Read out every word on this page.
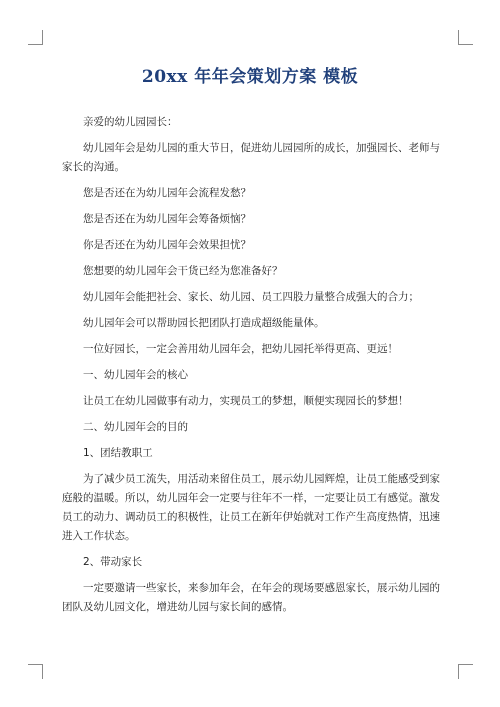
20xx 年年会策划方案 模板

亲爱的幼儿园园长：

幼儿园年会是幼儿园的重大节日，促进幼儿园园所的成长，加强园长、老师与家长的沟通。

您是否还在为幼儿园年会流程发愁？

您是否还在为幼儿园年会筹备烦恼？

你是否还在为幼儿园年会效果担忧？

您想要的幼儿园年会干货已经为您准备好？

幼儿园年会能把社会、家长、幼儿园、员工四股力量整合成强大的合力；

幼儿园年会可以帮助园长把团队打造成超级能量体。

一位好园长，一定会善用幼儿园年会，把幼儿园托举得更高、更远！

一、幼儿园年会的核心

让员工在幼儿园做事有动力，实现员工的梦想，顺便实现园长的梦想！

二、幼儿园年会的目的

1、团结教职工

为了减少员工流失，用活动来留住员工，展示幼儿园辉煌，让员工能感受到家庭般的温暖。所以，幼儿园年会一定要与往年不一样，一定要让员工有感觉。激发员工的动力、调动员工的积极性，让员工在新年伊始就对工作产生高度热情，迅速进入工作状态。

2、带动家长

一定要邀请一些家长，来参加年会，在年会的现场要感恩家长，展示幼儿园的团队及幼儿园文化，增进幼儿园与家长间的感情。
